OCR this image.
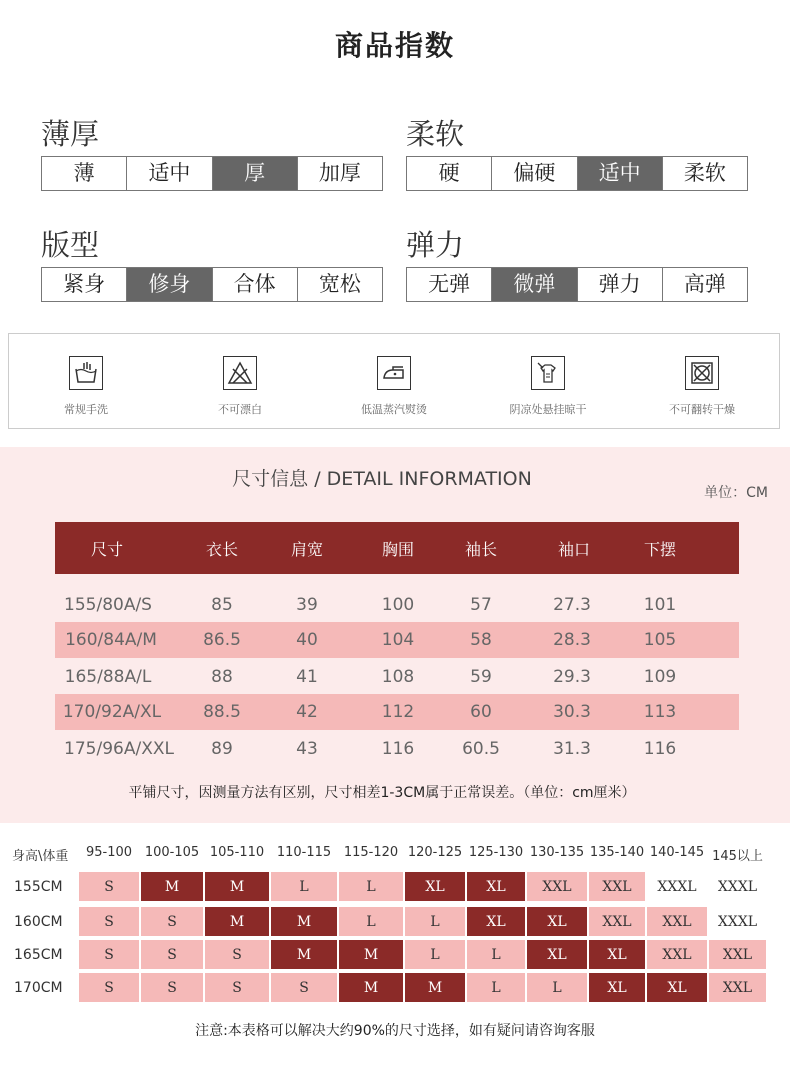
商品指数
薄厚
薄	适中	厚	加厚
柔软
硬	偏硬	适中	柔软
版型
紧身	修身	合体	宽松
弹力
无弹	微弹	弹力	高弹
常规手洗	不可漂白	低温蒸汽熨烫	阴凉处悬挂晾干	不可翻转干燥
尺寸信息 / DETAIL INFORMATION
单位：CM
尺寸	衣长	肩宽	胸围	袖长	袖口	下摆
155/80A/S	85	39	100	57	27.3	101
160/84A/M	86.5	40	104	58	28.3	105
165/88A/L	88	41	108	59	29.3	109
170/92A/XL	88.5	42	112	60	30.3	113
175/96A/XXL	89	43	116	60.5	31.3	116
平铺尺寸，因测量方法有区别，尺寸相差1-3CM属于正常误差。（单位：cm厘米）
身高\体重	95-100 100-105 105-110 110-115 115-120 120-125 125-130 130-135 135-140 140-145 145以上
155CM	S	M	M	L	L	XL	XL	XXL	XXL	XXXL	XXXL
160CM	S	S	M	M	L	L	XL	XL	XXL	XXL	XXXL
165CM	S	S	S	M	M	L	L	XL	XL	XXL	XXL
170CM	S	S	S	S	M	M	L	L	XL	XL	XXL
注意:本表格可以解决大约90%的尺寸选择，如有疑问请咨询客服
